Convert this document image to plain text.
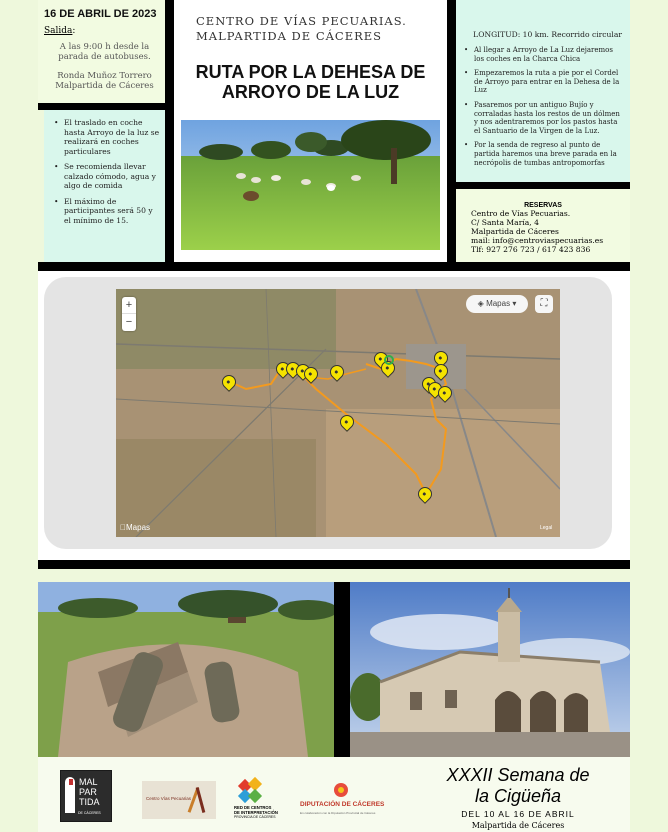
16 DE ABRIL DE 2023

Salida:

A las 9:00 h desde la

parada de autobuses.

Ronda Muñoz Torrero

Malpartida de Cáceres

• El traslado en coche hasta Arroyo de la luz se realizará en coches particulares
• Se recomienda llevar calzado cómodo, agua y algo de comida
• El máximo de participantes será 50 y el mínimo de 15.

CENTRO DE VÍAS PECUARIAS.

MALPARTIDA DE CÁCERES

RUTA POR LA DEHESA DE

ARROYO DE LA LUZ

LONGITUD: 10 km. Recorrido circular

• Al llegar a Arroyo de La Luz dejaremos los coches en la Charca Chica
• Empezaremos la ruta a pie por el Cordel de Arroyo para entrar en la Dehesa de la Luz
• Pasaremos por un antiguo Bujío y corraladas hasta los restos de un dólmen y nos adentraremos por los pastos hasta el Santuario de la Virgen de la Luz.
• Por la senda de regreso al punto de partida haremos una breve parada en la necrópolis de tumbas antropomorfas

RESERVAS

Centro de Vías Pecuarias.

C/ Santa María, 4

Malpartida de Cáceres

mail: info@centroviaspecuarias.es

Tlf: 927 276 723 / 617 423 836

+
−
◈ Mapas ▾	⛶
Mapas	Legal

MAL

PAR

TIDA

DE CÁCERES

Centro Vías Pecuarias

RED DE CENTROS

DE INTERPRETACIÓN

PROVINCIA DE CÁCERES

DIPUTACIÓN DE CÁCERES

En colaboración con la Diputación Provincial de Cáceres

XXXII Semana de

la Cigüeña

DEL 10 AL 16 DE ABRIL

Malpartida de Cáceres
